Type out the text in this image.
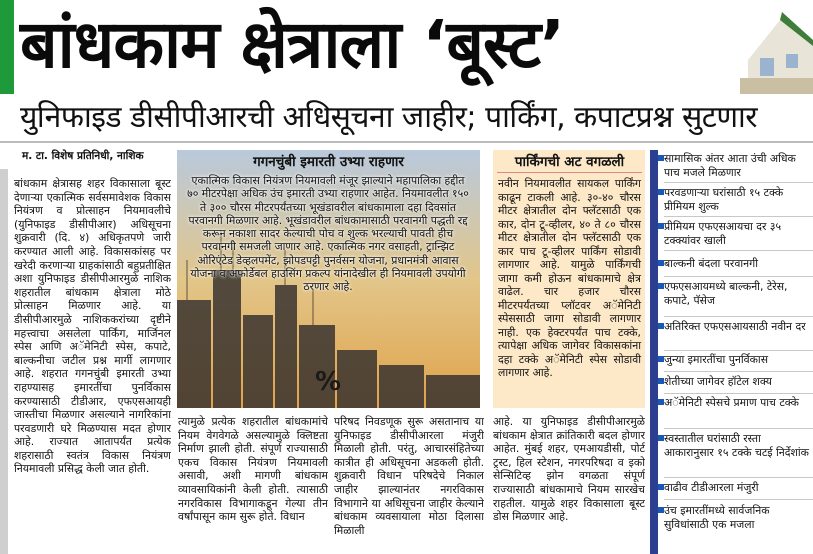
बांधकाम क्षेत्राला ‘बूस्ट’
युनिफाइड डीसीपीआरची अधिसूचना जाहीर; पार्किंग, कपाटप्रश्न सुटणार
म. टा. विशेष प्रतिनिधी, नाशिक
बांधकाम क्षेत्रासह शहर विकासाला बूस्ट देणाऱ्या एकात्मिक सर्वसमावेशक विकास नियंत्रण व प्रोत्साहन नियमावलीचे (युनिफाइड डीसीपीआर) अधिसूचना शुक्रवारी (दि. ४) अधिकृतपणे जारी करण्यात आली आहे. विकासकांसह पर खरेदी करणाऱ्या ग्राहकांसाठी बहुप्रतीक्षित अशा युनिफाइड डीसीपीआरमुळे नाशिक शहरातील बांधकाम क्षेत्राला मोठे प्रोत्साहन मिळणार आहे. या डीसीपीआरमुळे नाशिककरांच्या दृष्टीने महत्त्वाचा असलेला पार्किंग, मार्जिनल स्पेस आणि अॅमेनिटी स्पेस, कपाटे, बाल्कनीचा जटील प्रश्न मार्गी लागणार आहे. शहरात गगनचुंबी इमारती उभ्या राहण्यासह इमारतींचा पुनर्विकास करण्यासाठी टीडीआर, एफएसआयही जास्तीचा मिळणार असल्याने नागरिकांना परवडणारी घरे मिळण्यास मदत होणार आहे. राज्यात आतापर्यंत प्रत्येक शहरासाठी स्वतंत्र विकास नियंत्रण नियमावली प्रसिद्ध केली जात होती.
%
गगनचुंबी इमारती उभ्या राहणार
एकात्मिक विकास नियंत्रण नियमावली मंजूर झाल्याने महापालिका हद्दीत ७० मीटरपेक्षा अधिक उंच इमारती उभ्या राहणार आहेत. नियमावलीत १५० ते ३०० चौरस मीटरपर्यंतच्या भूखंडावरील बांधकामाला दहा दिवसांत परवानगी मिळणार आहे. भूखंडावरील बांधकामासाठी परवानगी पद्धती रद्द करून नकाशा सादर केल्याची पोच व शुल्क भरल्याची पावती हीच परवानगी समजली जाणार आहे. एकात्मिक नगर वसाहती, ट्रान्झिट ओरिएंटेड डेव्हलपमेंट, झोपडपट्टी पुनर्वसन योजना, प्रधानमंत्री आवास योजना व अफोर्डेबल हाउसिंग प्रकल्प यांनादेखील ही नियमावली उपयोगी ठरणार आहे.
त्यामुळे प्रत्येक शहरातील बांधकामांचे नियम वेगवेगळे असल्यामुळे क्लिष्टता निर्माण झाली होती. संपूर्ण राज्यासाठी एकच विकास नियंत्रण नियमावली असावी, अशी मागणी बांधकाम व्यावसायिकांनी केली होती. त्यासाठी नगरविकास विभागाकडून गेल्या तीन वर्षांपासून काम सुरू होते. विधान
परिषद निवडणूक सुरू असतानाच या युनिफाइड डीसीपीआरला मंजुरी मिळाली होती. परंतु, आचारसंहितेच्या कात्रीत ही अधिसूचना अडकली होती. शुक्रवारी विधान परिषदेचे निकाल जाहीर झाल्यानंतर नगरविकास विभागाने या अधिसूचना जाहीर केल्याने बांधकाम व्यवसायाला मोठा दिलासा मिळाली
आहे. या युनिफाइड डीसीपीआरमुळे बांधकाम क्षेत्रात क्रांतिकारी बदल होणार आहेत. मुंबई शहर, एमआयडीसी, पोर्ट ट्रस्ट, हिल स्टेशन, नगरपरिषदा व इको सेन्सिटिव्ह झोन वगळता संपूर्ण राज्यासाठी बांधकामाचे नियम सारखेच राहतील. यामुळे शहर विकासाला बूस्ट डोस मिळणार आहे.
पार्किंगची अट वगळली
नवीन नियमावलीत सायकल पार्किंग काढून टाकली आहे. ३०-४० चौरस मीटर क्षेत्रातील दोन फ्लॅटसाठी एक कार, दोन टू-व्हीलर, ४० ते ८० चौरस मीटर क्षेत्रातील दोन फ्लॅटसाठी एक कार पाच टू-व्हीलर पार्किंग सोडावी लागणार आहे. यामुळे पार्किंगची जागा कमी होऊन बांधकामाचे क्षेत्र वाढेल. चार हजार चौरस मीटरपर्यंतच्या प्लॉटवर अॅमेनिटी स्पेससाठी जागा सोडावी लागणार नाही. एक हेक्टरपर्यंत पाच टक्के, त्यापेक्षा अधिक जागेवर विकासकांना दहा टक्के अॅमेनिटी स्पेस सोडावी लागणार आहे.
सामासिक अंतर आता उंची अधिक पाच मजले मिळणार
परवडणाऱ्या घरांसाठी १५ टक्के प्रीमियम शुल्क
प्रीमियम एफएसआयचा दर ३५ टक्क्यांवर खाली
बाल्कनी बंदला परवानगी
एफएसआयमध्ये बाल्कनी, टेरेस, कपाटे, पॅसेज
अतिरिक्त एफएसआयसाठी नवीन दर
जुन्या इमारतींचा पुनर्विकास
शेतीच्या जागेवर हॉटेल शक्य
अॅमेनिटी स्पेसचे प्रमाण पाच टक्के
स्वस्तातील घरांसाठी रस्ता आकारानुसार १५ टक्के चटई निर्देशांक
वाढीव टीडीआरला मंजुरी
उंच इमारतींमध्ये सार्वजनिक सुविधांसाठी एक मजला
